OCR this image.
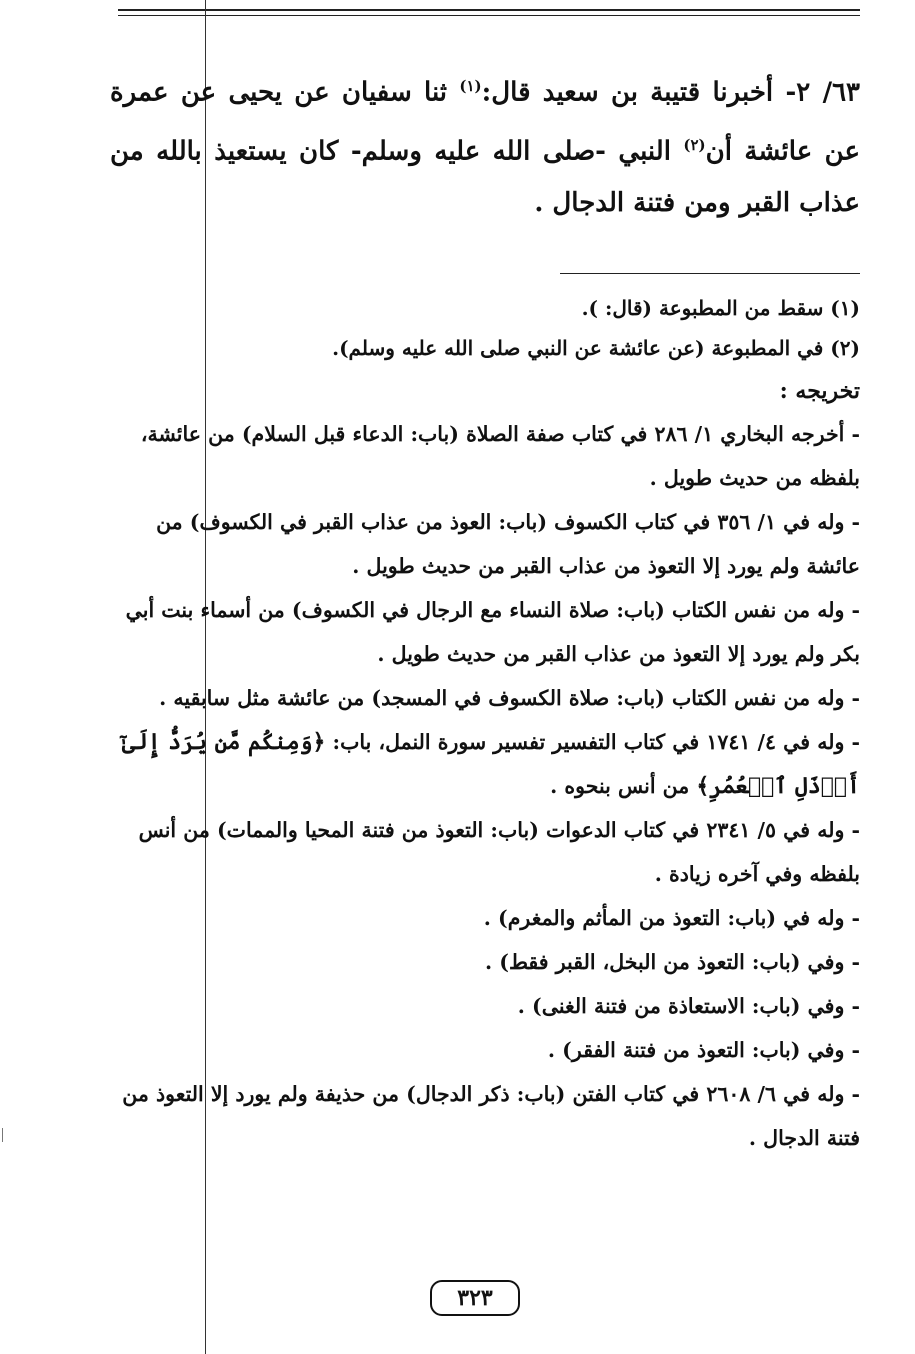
٦٣/ ٢- أخبرنا قتيبة بن سعيد قال:$^{(١)}$ ثنا سفيان عن يحيى عن عمرة عن عائشة أن$^{(٢)}$ النبي -صلى الله عليه وسلم- كان يستعيذ بالله من عذاب القبر ومن فتنة الدجال .

(١) سقط من المطبوعة (قال: ).
(٢) في المطبوعة (عن عائشة عن النبي صلى الله عليه وسلم).
تخريجه :
- أخرجه البخاري ١/ ٢٨٦ في كتاب صفة الصلاة (باب: الدعاء قبل السلام) من عائشة، بلفظه من حديث طويل .
- وله في ١/ ٣٥٦ في كتاب الكسوف (باب: العوذ من عذاب القبر في الكسوف) من عائشة ولم يورد إلا التعوذ من عذاب القبر من حديث طويل .
- وله من نفس الكتاب (باب: صلاة النساء مع الرجال في الكسوف) من أسماء بنت أبي بكر ولم يورد إلا التعوذ من عذاب القبر من حديث طويل .
- وله من نفس الكتاب (باب: صلاة الكسوف في المسجد) من عائشة مثل سابقيه .
- وله في ٤/ ١٧٤١ في كتاب التفسير تفسير سورة النمل، باب: ﴿وَمِنكُم مَّن يُرَدُّ إِلَىٰٓ أَرۡذَلِ ٱلۡعُمُرِ﴾ من أنس بنحوه .
- وله في ٥/ ٢٣٤١ في كتاب الدعوات (باب: التعوذ من فتنة المحيا والممات) من أنس بلفظه وفي آخره زيادة .
- وله في (باب: التعوذ من المأثم والمغرم) .
- وفي (باب: التعوذ من البخل، القبر فقط) .
- وفي (باب: الاستعاذة من فتنة الغنى) .
- وفي (باب: التعوذ من فتنة الفقر) .
- وله في ٦/ ٢٦٠٨ في كتاب الفتن (باب: ذكر الدجال) من حذيفة ولم يورد إلا التعوذ من فتنة الدجال .
٣٢٣
